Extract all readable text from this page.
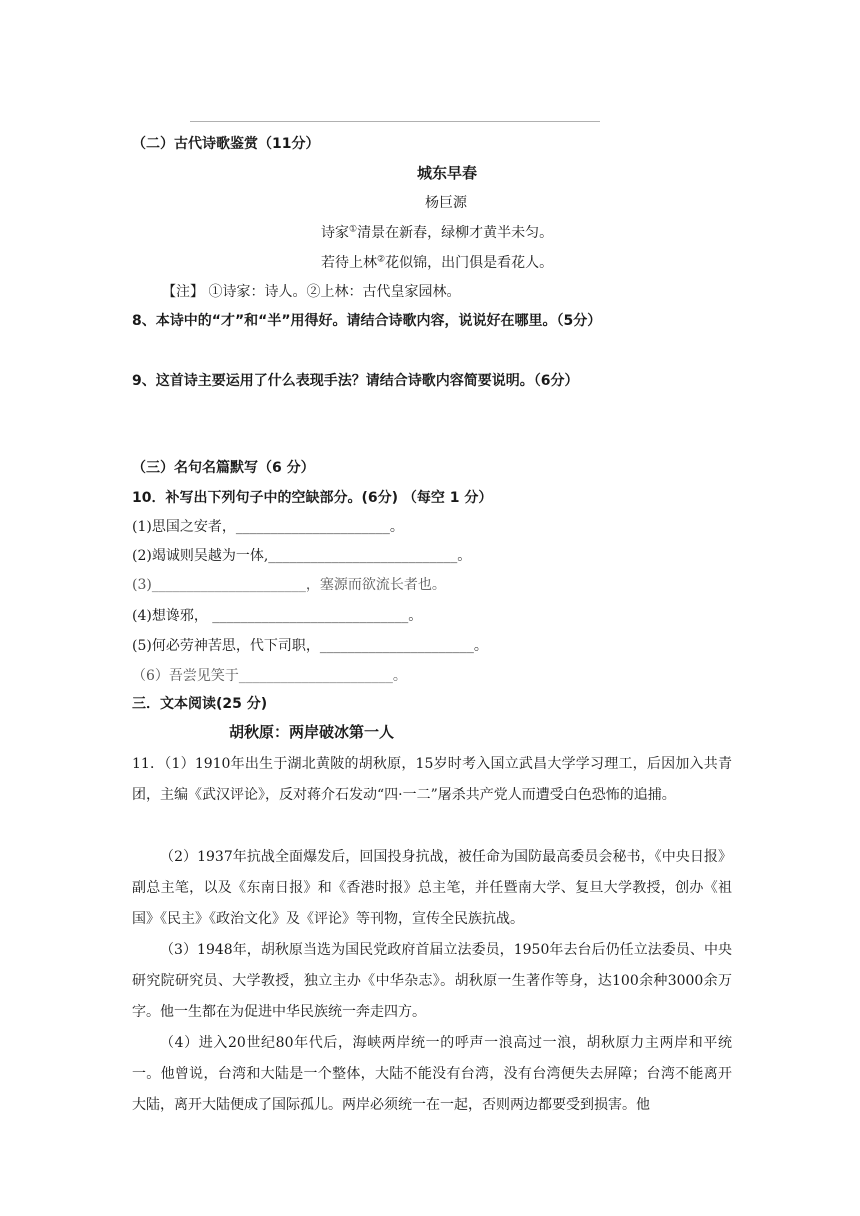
（二）古代诗歌鉴赏（11分）
城东早春
杨巨源
诗家①清景在新春，绿柳才黄半未匀。
若待上林②花似锦，出门俱是看花人。
【注】 ①诗家：诗人。②上林：古代皇家园林。
8、本诗中的“才”和“半”用得好。请结合诗歌内容，说说好在哪里。（5分）
9、这首诗主要运用了什么表现手法？请结合诗歌内容简要说明。（6分）
（三）名句名篇默写（6 分）
10．补写出下列句子中的空缺部分。(6分) （每空 1 分）
(1)思国之安者，______________________。
(2)竭诚则吴越为一体,___________________________。
(3)______________________，塞源而欲流长者也。
(4)想谗邪， ____________________________。
(5)何必劳神苦思，代下司职，______________________。
（6）吾尝见笑于______________________。
三．文本阅读(25 分)
胡秋原：两岸破冰第一人
11．（1）1910年出生于湖北黄陂的胡秋原，15岁时考入国立武昌大学学习理工，后因加入共青团，主编《武汉评论》，反对蒋介石发动“四·一二”屠杀共产党人而遭受白色恐怖的追捕。
（2）1937年抗战全面爆发后，回国投身抗战，被任命为国防最高委员会秘书，《中央日报》副总主笔，以及《东南日报》和《香港时报》总主笔，并任暨南大学、复旦大学教授，创办《祖国》《民主》《政治文化》及《评论》等刊物，宣传全民族抗战。
（3）1948年，胡秋原当选为国民党政府首届立法委员，1950年去台后仍任立法委员、中央研究院研究员、大学教授，独立主办《中华杂志》。胡秋原一生著作等身，达100余种3000余万字。他一生都在为促进中华民族统一奔走四方。
（4）进入20世纪80年代后，海峡两岸统一的呼声一浪高过一浪，胡秋原力主两岸和平统一。他曾说，台湾和大陆是一个整体，大陆不能没有台湾，没有台湾便失去屏障；台湾不能离开大陆，离开大陆便成了国际孤儿。两岸必须统一在一起，否则两边都要受到损害。他
